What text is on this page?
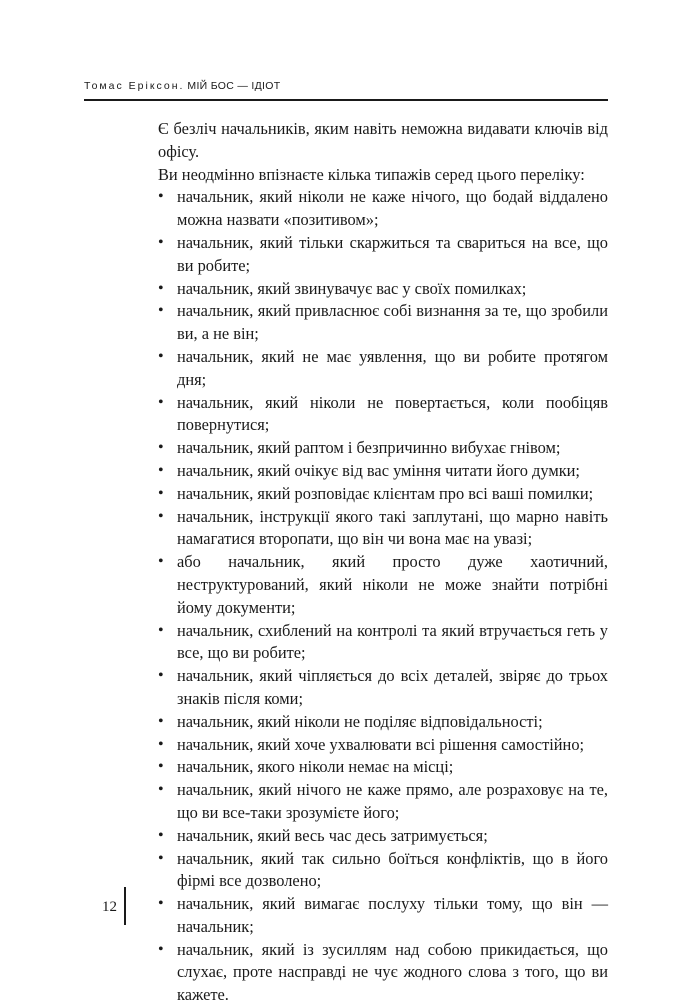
Томас Еріксон. МІЙ БОС — ІДІОТ

Є безліч начальників, яким навіть неможна видавати ключів від офісу.

Ви неодмінно впізнаєте кілька типажів серед цього переліку:

• начальник, який ніколи не каже нічого, що бодай віддалено можна назвати «позитивом»;
• начальник, який тільки скаржиться та свариться на все, що ви робите;
• начальник, який звинувачує вас у своїх помилках;
• начальник, який привласнює собі визнання за те, що зробили ви, а не він;
• начальник, який не має уявлення, що ви робите протягом дня;
• начальник, який ніколи не повертається, коли пообіцяв повернутися;
• начальник, який раптом і безпричинно вибухає гнівом;
• начальник, який очікує від вас уміння читати його думки;
• начальник, який розповідає клієнтам про всі ваші помилки;
• начальник, інструкції якого такі заплутані, що марно навіть намагатися второпати, що він чи вона має на увазі;
• або начальник, який просто дуже хаотичний, неструктурований, який ніколи не може знайти потрібні йому документи;
• начальник, схиблений на контролі та який втручається геть у все, що ви робите;
• начальник, який чіпляється до всіх деталей, звіряє до трьох знаків після коми;
• начальник, який ніколи не поділяє відповідальності;
• начальник, який хоче ухвалювати всі рішення самостійно;
• начальник, якого ніколи немає на місці;
• начальник, який нічого не каже прямо, але розраховує на те, що ви все-таки зрозумієте його;
• начальник, який весь час десь затримується;
• начальник, який так сильно боїться конфліктів, що в його фірмі все дозволено;
• начальник, який вимагає послуху тільки тому, що він — начальник;
• начальник, який із зусиллям над собою прикидається, що слухає, проте насправді не чує жодного слова з того, що ви кажете.
12
